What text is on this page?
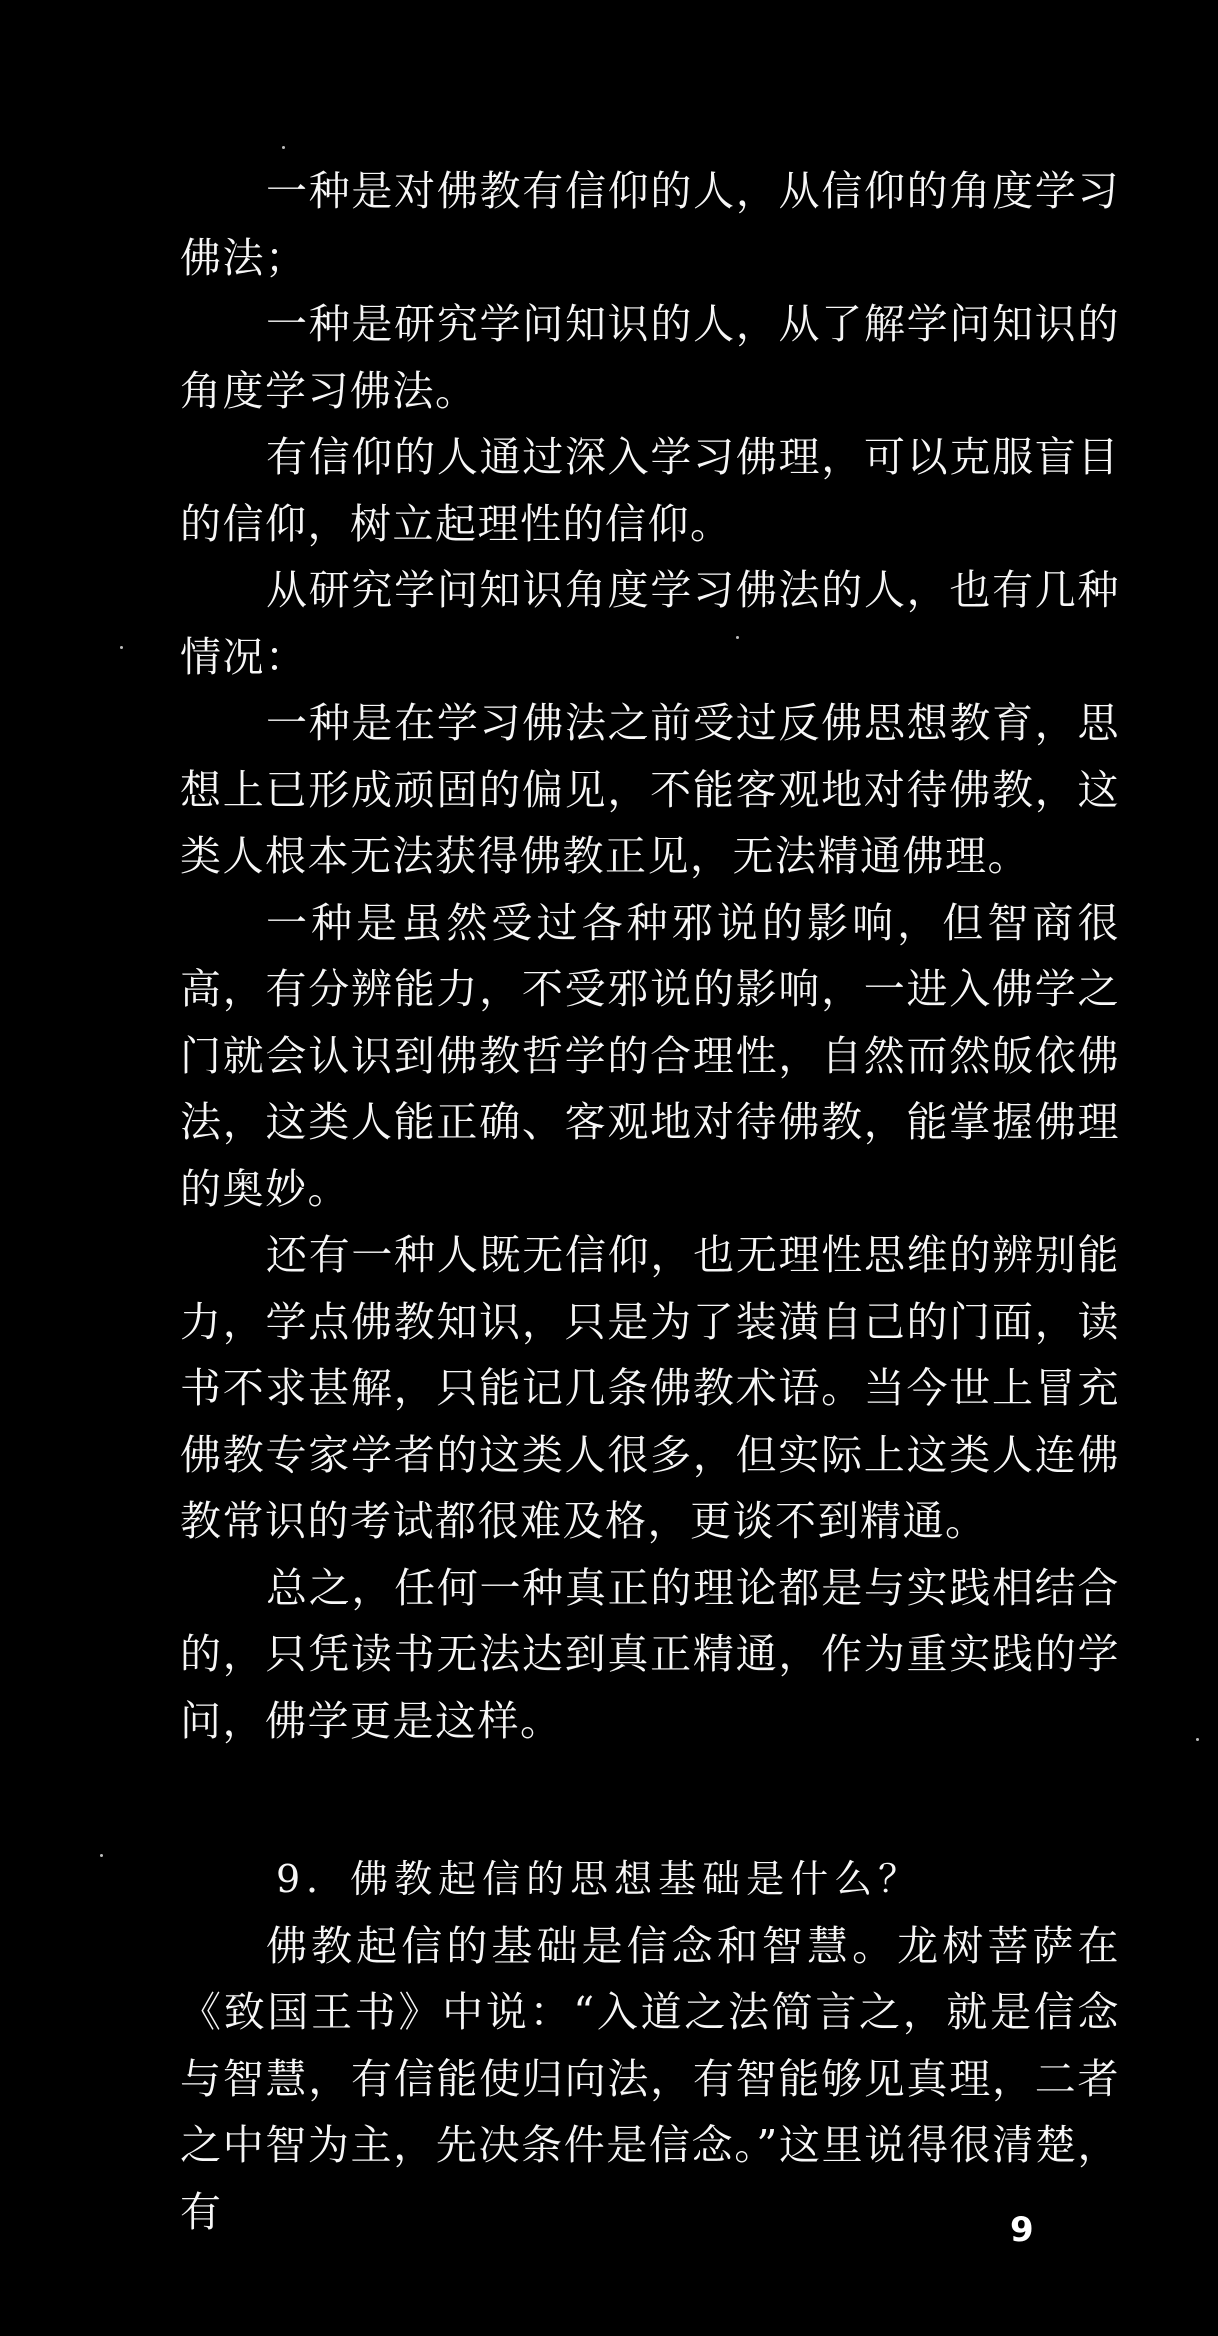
一种是对佛教有信仰的人，从信仰的角度学习佛法；

一种是研究学问知识的人，从了解学问知识的角度学习佛法。

有信仰的人通过深入学习佛理，可以克服盲目的信仰，树立起理性的信仰。

从研究学问知识角度学习佛法的人，也有几种情况：

一种是在学习佛法之前受过反佛思想教育，思想上已形成顽固的偏见，不能客观地对待佛教，这类人根本无法获得佛教正见，无法精通佛理。

一种是虽然受过各种邪说的影响，但智商很高，有分辨能力，不受邪说的影响，一进入佛学之门就会认识到佛教哲学的合理性，自然而然皈依佛法，这类人能正确、客观地对待佛教，能掌握佛理的奥妙。

还有一种人既无信仰，也无理性思维的辨别能力，学点佛教知识，只是为了装潢自己的门面，读书不求甚解，只能记几条佛教术语。当今世上冒充佛教专家学者的这类人很多，但实际上这类人连佛教常识的考试都很难及格，更谈不到精通。

总之，任何一种真正的理论都是与实践相结合的，只凭读书无法达到真正精通，作为重实践的学问，佛学更是这样。

9．佛教起信的思想基础是什么？

佛教起信的基础是信念和智慧。龙树菩萨在《致国王书》中说：“入道之法简言之，就是信念与智慧，有信能使归向法，有智能够见真理，二者之中智为主，先决条件是信念。”这里说得很清楚，有	9
